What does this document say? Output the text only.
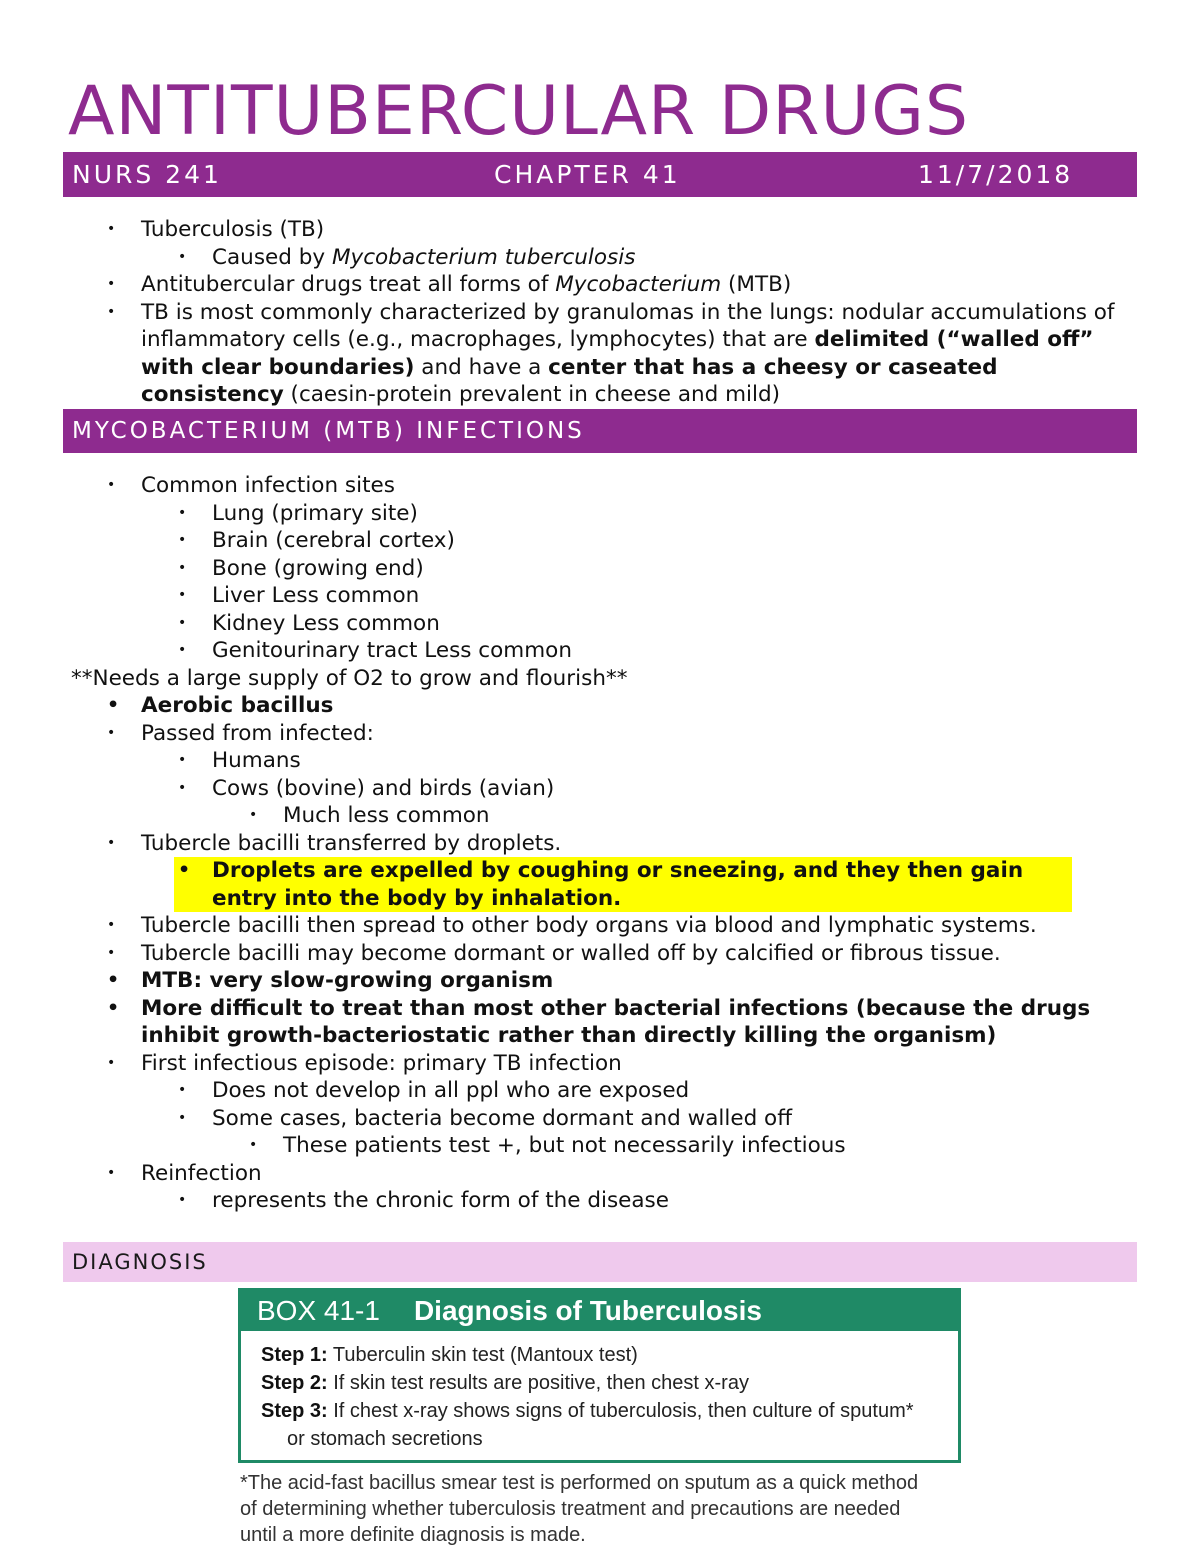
ANTITUBERCULAR DRUGS
NURS 241	CHAPTER 41	11/7/2018
• Tuberculosis (TB)
• Caused by Mycobacterium tuberculosis
• Antitubercular drugs treat all forms of Mycobacterium (MTB)
• TB is most commonly characterized by granulomas in the lungs: nodular accumulations of inflammatory cells (e.g., macrophages, lymphocytes) that are delimited (“walled off” with clear boundaries) and have a center that has a cheesy or caseated consistency (caesin-protein prevalent in cheese and mild)
MYCOBACTERIUM (MTB) INFECTIONS
• Common infection sites
• Lung (primary site)
• Brain (cerebral cortex)
• Bone (growing end)
• Liver Less common
• Kidney Less common
• Genitourinary tract Less common
**Needs a large supply of O2 to grow and flourish**
• Aerobic bacillus
• Passed from infected:
• Humans
• Cows (bovine) and birds (avian)
• Much less common
• Tubercle bacilli transferred by droplets.
• Droplets are expelled by coughing or sneezing, and they then gain entry into the body by inhalation.
• Tubercle bacilli then spread to other body organs via blood and lymphatic systems.
• Tubercle bacilli may become dormant or walled off by calcified or fibrous tissue.
• MTB: very slow-growing organism
• More difficult to treat than most other bacterial infections (because the drugs inhibit growth-bacteriostatic rather than directly killing the organism)
• First infectious episode: primary TB infection
• Does not develop in all ppl who are exposed
• Some cases, bacteria become dormant and walled off
• These patients test +, but not necessarily infectious
• Reinfection
• represents the chronic form of the disease
DIAGNOSIS
BOX 41-1 Diagnosis of Tuberculosis
Step 1: Tuberculin skin test (Mantoux test)
Step 2: If skin test results are positive, then chest x-ray
Step 3: If chest x-ray shows signs of tuberculosis, then culture of sputum*
or stomach secretions
*The acid-fast bacillus smear test is performed on sputum as a quick method of determining whether tuberculosis treatment and precautions are needed until a more definite diagnosis is made.
